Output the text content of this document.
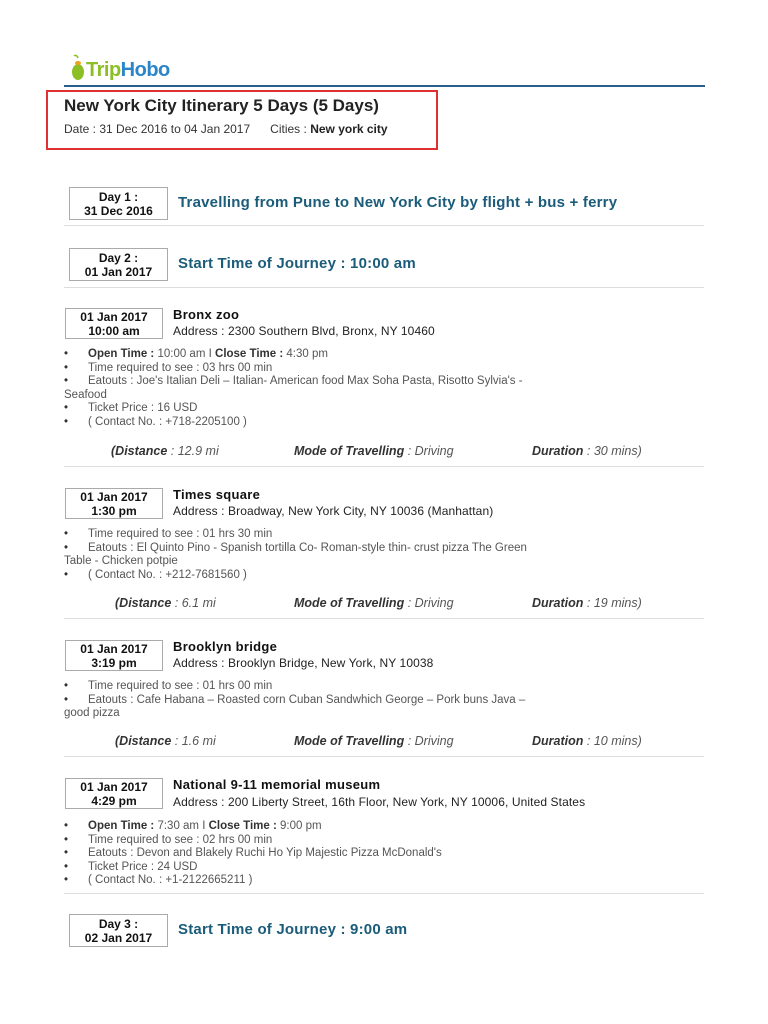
TripHobo
New York City Itinerary 5 Days (5 Days)
Date : 31 Dec 2016 to 04 Jan 2017 Cities : New york city
Day 1 :
31 Dec 2016	Travelling from Pune to New York City by flight + bus + ferry
Day 2 :
01 Jan 2017	Start Time of Journey : 10:00 am
01 Jan 2017
10:00 am
Bronx zoo
Address : 2300 Southern Blvd, Bronx, NY 10460
• Open Time : 10:00 am I Close Time : 4:30 pm
• Time required to see : 03 hrs 00 min
• Eatouts : Joe's Italian Deli – Italian- American food Max Soha Pasta, Risotto Sylvia's -
Seafood
• Ticket Price : 16 USD
• ( Contact No. : +718-2205100 )
(Distance : 12.9 mi	Mode of Travelling : Driving	Duration : 30 mins)
01 Jan 2017
1:30 pm
Times square
Address : Broadway, New York City, NY 10036 (Manhattan)
• Time required to see : 01 hrs 30 min
• Eatouts : El Quinto Pino - Spanish tortilla Co- Roman-style thin- crust pizza The Green
Table - Chicken potpie
• ( Contact No. : +212-7681560 )
(Distance : 6.1 mi	Mode of Travelling : Driving	Duration : 19 mins)
01 Jan 2017
3:19 pm
Brooklyn bridge
Address : Brooklyn Bridge, New York, NY 10038
• Time required to see : 01 hrs 00 min
• Eatouts : Cafe Habana – Roasted corn Cuban Sandwhich George – Pork buns Java –
good pizza
(Distance : 1.6 mi	Mode of Travelling : Driving	Duration : 10 mins)
01 Jan 2017
4:29 pm
National 9-11 memorial museum
Address : 200 Liberty Street, 16th Floor, New York, NY 10006, United States
• Open Time : 7:30 am I Close Time : 9:00 pm
• Time required to see : 02 hrs 00 min
• Eatouts : Devon and Blakely Ruchi Ho Yip Majestic Pizza McDonald's
• Ticket Price : 24 USD
• ( Contact No. : +1-2122665211 )
Day 3 :
02 Jan 2017	Start Time of Journey : 9:00 am
